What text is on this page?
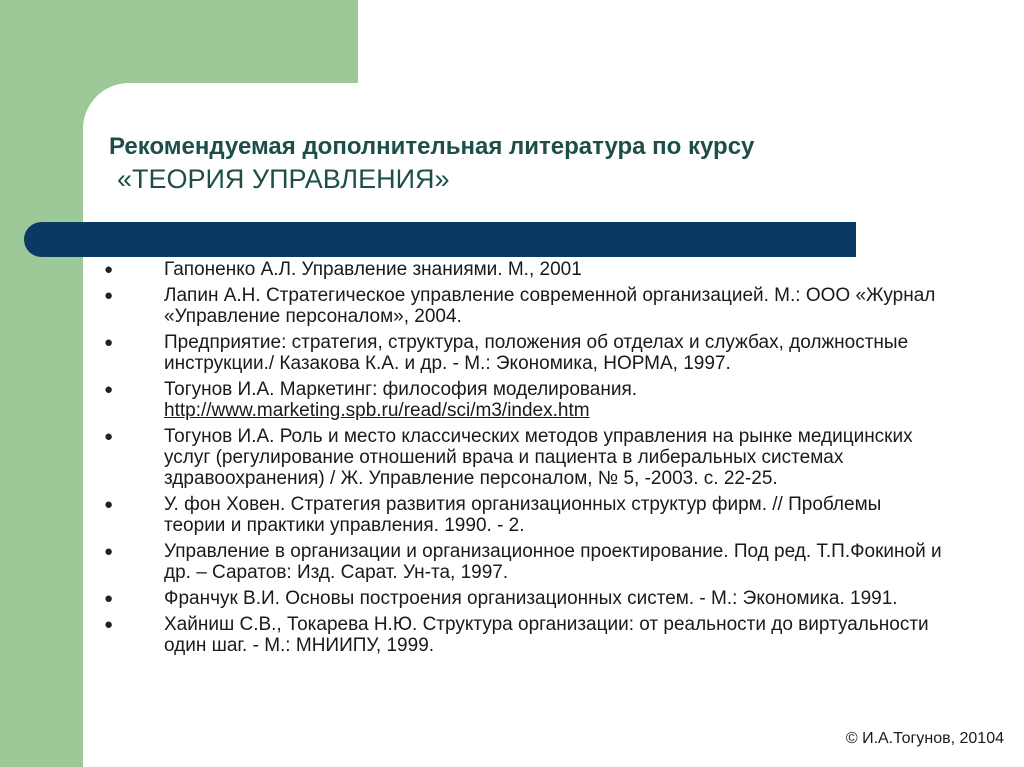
Рекомендуемая дополнительная литература по курсу
«ТЕОРИЯ УПРАВЛЕНИЯ»
●	Гапоненко А.Л. Управление знаниями. М., 2001
●	Лапин А.Н. Стратегическое управление современной организацией. М.: ООО «Журнал «Управление персоналом», 2004.
●	Предприятие: стратегия, структура, положения об отделах и службах, должностные инструкции./ Казакова К.А. и др. - М.: Экономика, НОРМА, 1997.
●	Тогунов И.А. Маркетинг: философия моделирования.
http://www.marketing.spb.ru/read/sci/m3/index.htm
●	Тогунов И.А. Роль и место классических методов управления на рынке медицинских услуг (регулирование отношений врача и пациента в либеральных системах здравоохранения) / Ж. Управление персоналом, № 5, -2003. с. 22-25.
●	У. фон Ховен. Стратегия развития организационных структур фирм. // Проблемы теории и практики управления. 1990. - 2.
●	Управление в организации и организационное проектирование. Под ред. Т.П.Фокиной и др. – Саратов: Изд. Сарат. Ун-та, 1997.
●	Франчук В.И. Основы построения организационных систем. - М.: Экономика. 1991.
●	Хайниш С.В., Токарева Н.Ю. Структура организации: от реальности до виртуальности один шаг. - М.: МНИИПУ, 1999.
© И.А.Тогунов, 20104
